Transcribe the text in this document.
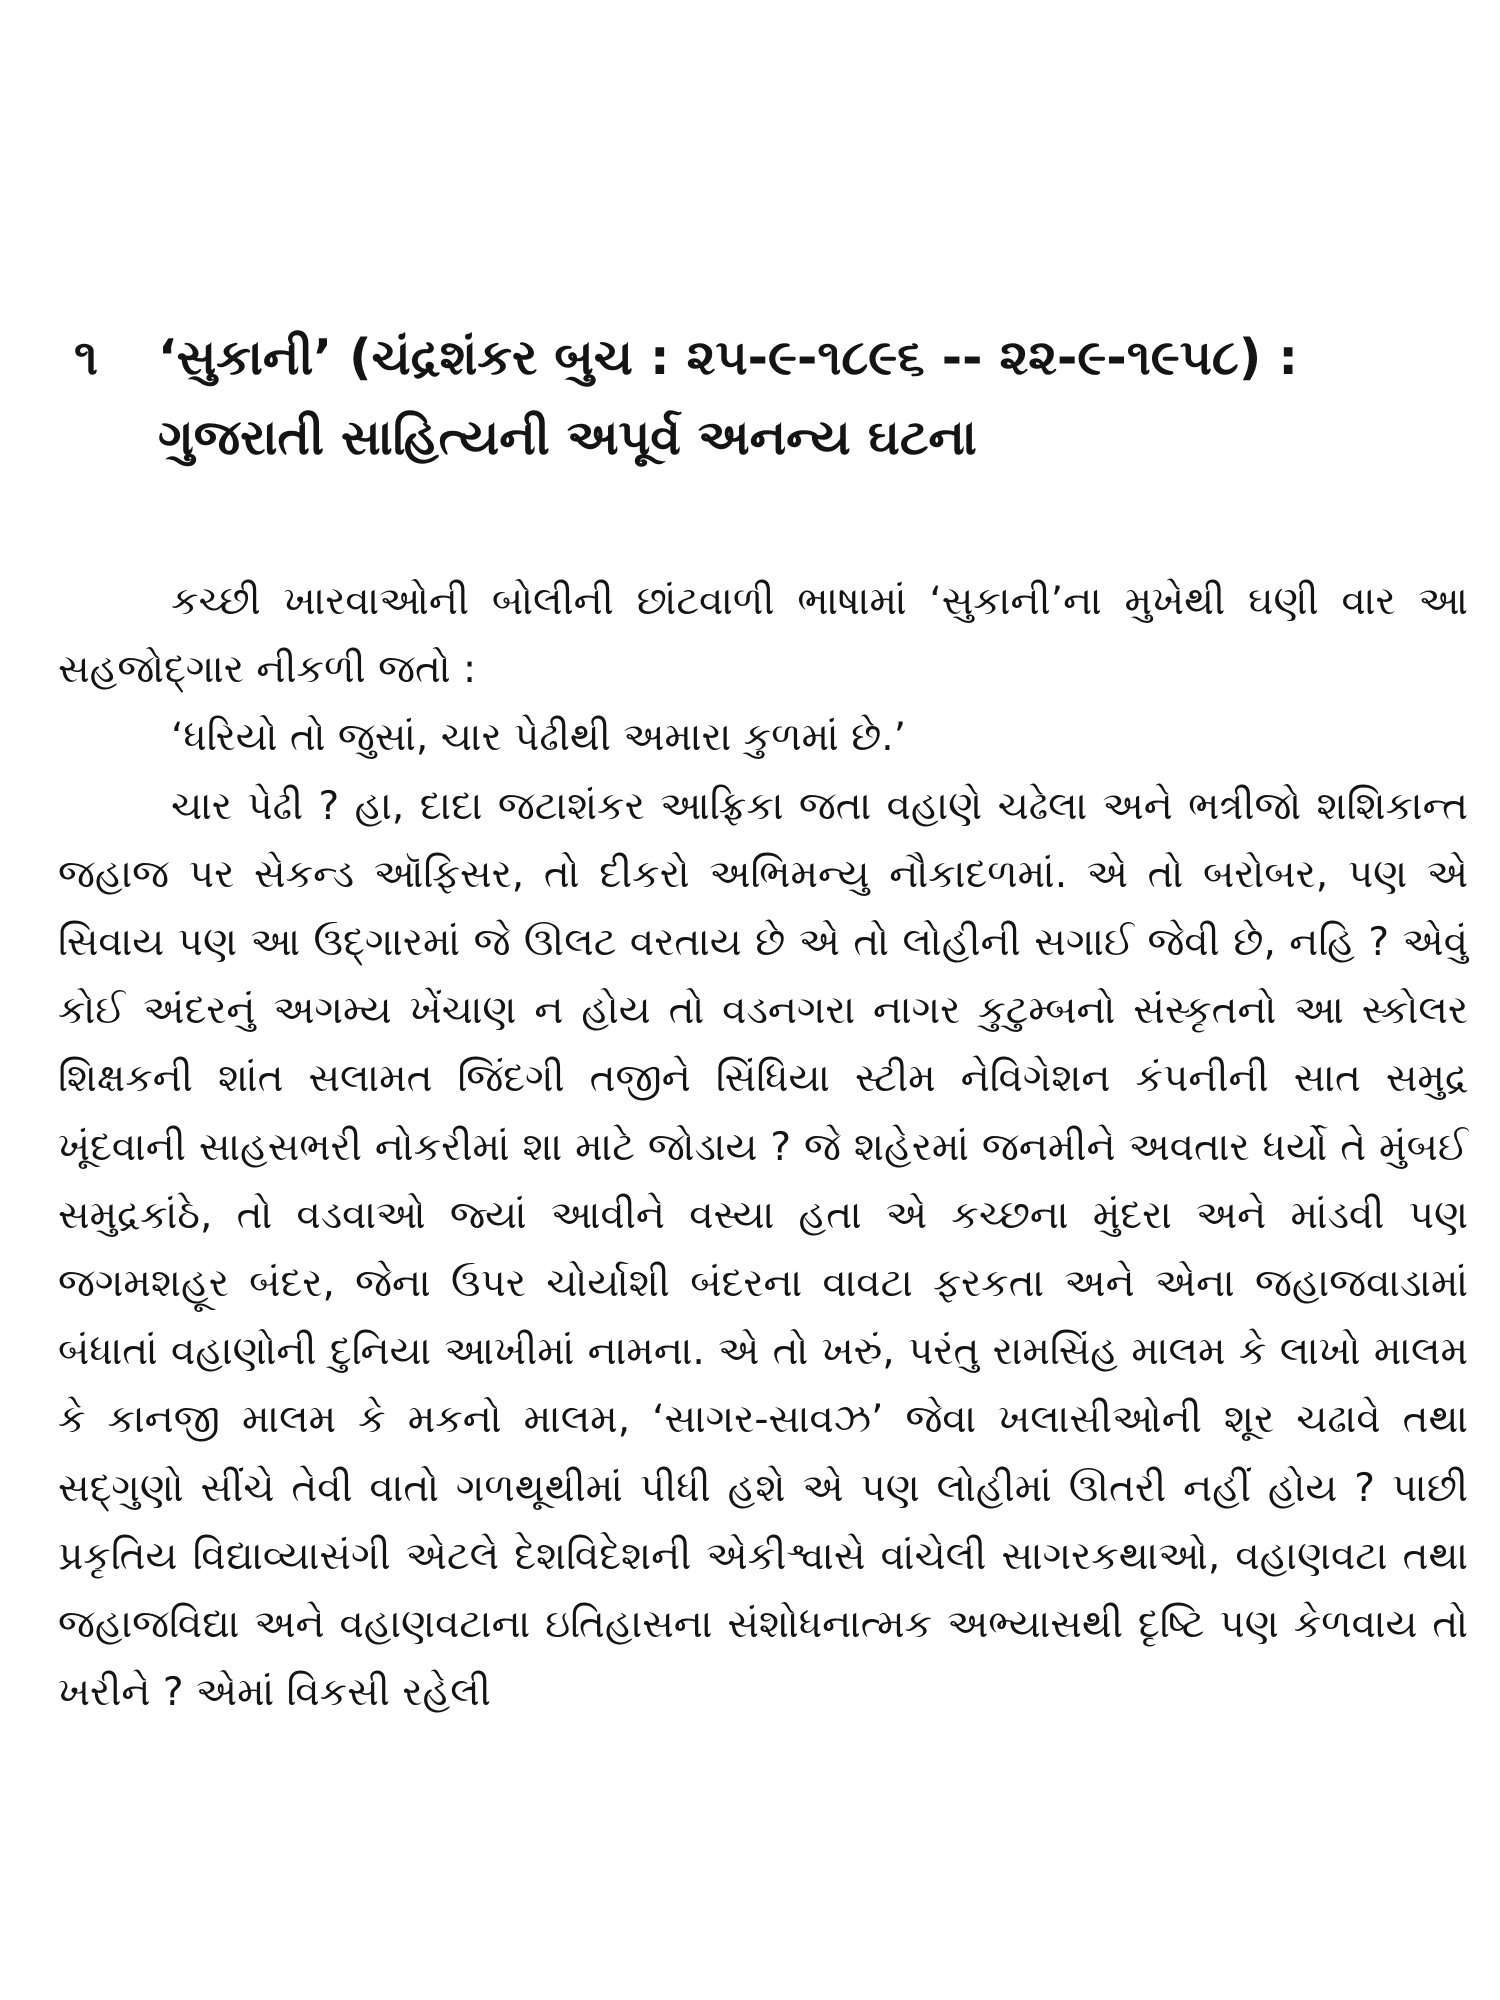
૧ ‘સુકાની’ (ચંદ્રશંકર બુચ : ૨૫-૯-૧૮૯૬ -- ૨૨-૯-૧૯૫૮) :
ગુજરાતી સાહિત્યની અપૂર્વ અનન્ય ઘટના

કચ્છી ખારવાઓની બોલીની છાંટવાળી ભાષામાં ‘સુકાની’ના મુખેથી ઘણી વાર આ સહજોદ્ગાર નીકળી જતો :

‘ધરિયો તો જુસાં, ચાર પેઢીથી અમારા કુળમાં છે.’

ચાર પેઢી ? હા, દાદા જટાશંકર આફ્રિકા જતા વહાણે ચઢેલા અને ભત્રીજો શશિકાન્ત જહાજ પર સેકન્ડ ઑફિસર, તો દીકરો અભિમન્યુ નૌકાદળમાં. એ તો બરોબર, પણ એ સિવાય પણ આ ઉદ્ગારમાં જે ઊલટ વરતાય છે એ તો લોહીની સગાઈ જેવી છે, નહિ ? એવું કોઈ અંદરનું અગમ્ય ખેંચાણ ન હોય તો વડનગરા નાગર કુટુમ્બનો સંસ્કૃતનો આ સ્કોલર શિક્ષકની શાંત સલામત જિંદગી તજીને સિંધિયા સ્ટીમ નેવિગેશન કંપનીની સાત સમુદ્ર ખૂંદવાની સાહસભરી નોકરીમાં શા માટે જોડાય ? જે શહેરમાં જનમીને અવતાર ધર્યો તે મુંબઈ સમુદ્રકાંઠે, તો વડવાઓ જ્યાં આવીને વસ્યા હતા એ કચ્છના મુંદરા અને માંડવી પણ જગમશહૂર બંદર, જેના ઉપર ચોર્યાશી બંદરના વાવટા ફરકતા અને એના જહાજવાડામાં બંધાતાં વહાણોની દુનિયા આખીમાં નામના. એ તો ખરું, પરંતુ રામસિંહ માલમ કે લાખો માલમ કે કાનજી માલમ કે મકનો માલમ, ‘સાગર-સાવઝ’ જેવા ખલાસીઓની શૂર ચઢાવે તથા સદ્ગુણો સીંચે તેવી વાતો ગળથૂથીમાં પીધી હશે એ પણ લોહીમાં ઊતરી નહીં હોય ? પાછી પ્રકૃતિય વિદ્યાવ્યાસંગી એટલે દેશવિદેશની એકીશ્વાસે વાંચેલી સાગરકથાઓ, વહાણવટા તથા જહાજવિદ્યા અને વહાણવટાના ઇતિહાસના સંશોધનાત્મક અભ્યાસથી દૃષ્ટિ પણ કેળવાય તો ખરીને ? એમાં વિકસી રહેલી
